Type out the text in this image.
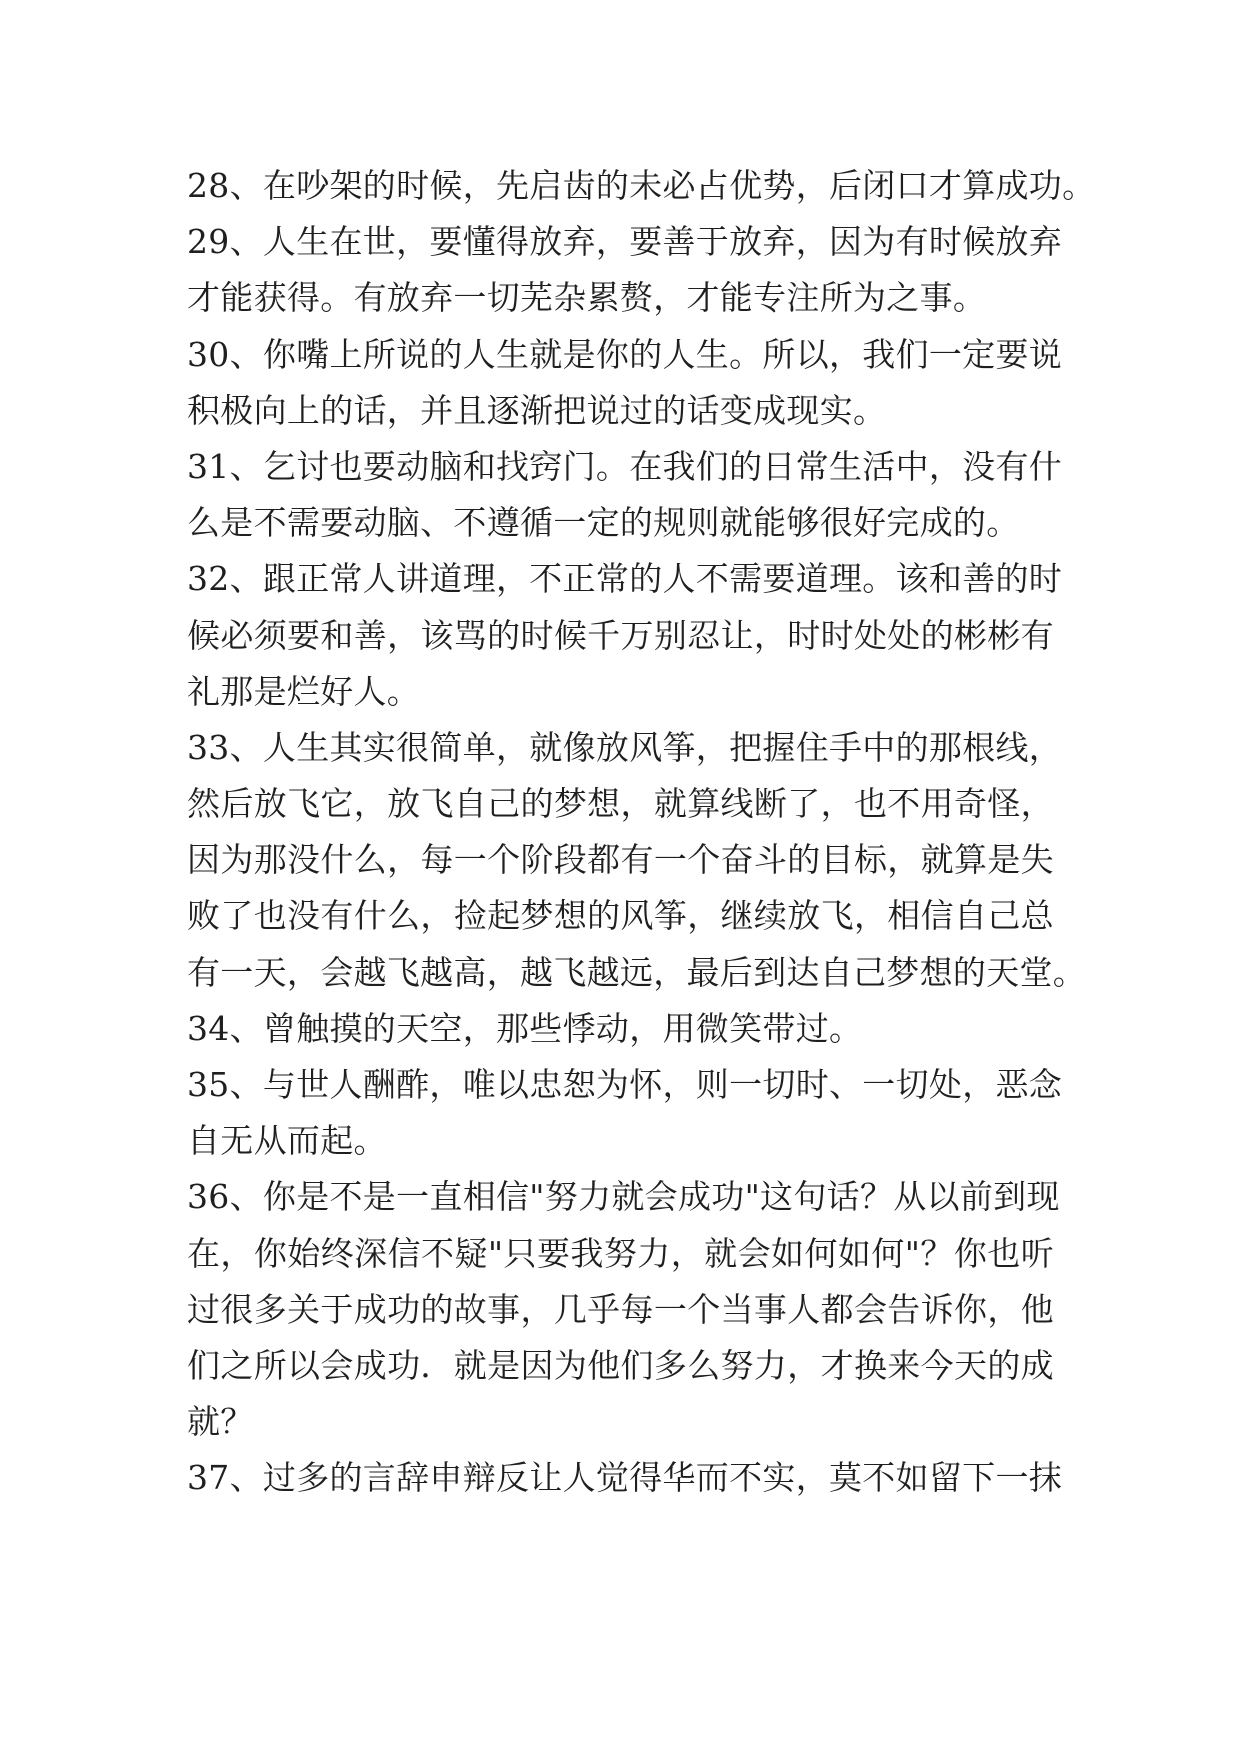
28、在吵架的时候，先启齿的未必占优势，后闭口才算成功。
29、人生在世，要懂得放弃，要善于放弃，因为有时候放弃
才能获得。有放弃一切芜杂累赘，才能专注所为之事。
30、你嘴上所说的人生就是你的人生。所以，我们一定要说
积极向上的话，并且逐渐把说过的话变成现实。
31、乞讨也要动脑和找窍门。在我们的日常生活中，没有什
么是不需要动脑、不遵循一定的规则就能够很好完成的。
32、跟正常人讲道理，不正常的人不需要道理。该和善的时
候必须要和善，该骂的时候千万别忍让，时时处处的彬彬有
礼那是烂好人。
33、人生其实很简单，就像放风筝，把握住手中的那根线，
然后放飞它，放飞自己的梦想，就算线断了，也不用奇怪，
因为那没什么，每一个阶段都有一个奋斗的目标，就算是失
败了也没有什么，捡起梦想的风筝，继续放飞，相信自己总
有一天，会越飞越高，越飞越远，最后到达自己梦想的天堂。
34、曾触摸的天空，那些悸动，用微笑带过。
35、与世人酬酢，唯以忠恕为怀，则一切时、一切处，恶念
自无从而起。
36、你是不是一直相信"努力就会成功"这句话？从以前到现
在，你始终深信不疑"只要我努力，就会如何如何"？你也听
过很多关于成功的故事，几乎每一个当事人都会告诉你，他
们之所以会成功．就是因为他们多么努力，才换来今天的成
就？
37、过多的言辞申辩反让人觉得华而不实，莫不如留下一抹
